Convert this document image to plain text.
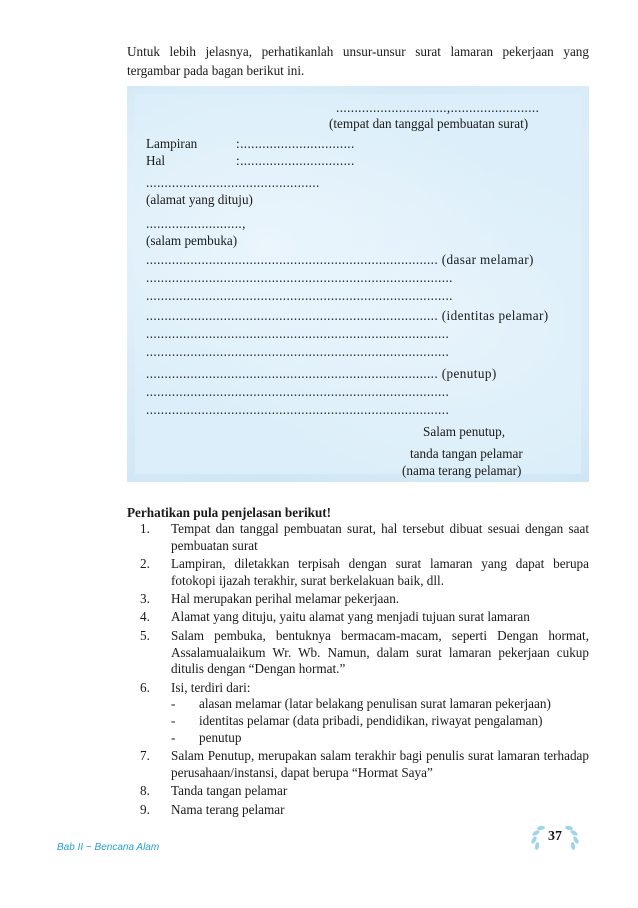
Untuk lebih jelasnya, perhatikanlah unsur-unsur surat lamaran pekerjaan yang tergambar pada bagan berikut ini.
..............................,........................
(tempat dan tanggal pembuatan surat)
Lampiran	:...............................
Hal	:...............................
...............................................
(alamat yang dituju)
..........................,
(salam pembuka)
............................................................................... (dasar melamar)
...................................................................................
...................................................................................
............................................................................... (identitas pelamar)
..................................................................................
..................................................................................
............................................................................... (penutup)
..................................................................................
..................................................................................
Salam penutup,
tanda tangan pelamar
(nama terang pelamar)
Perhatikan pula penjelasan berikut!
1.	Tempat dan tanggal pembuatan surat, hal tersebut dibuat sesuai dengan saat pembuatan surat
2.	Lampiran, diletakkan terpisah dengan surat lamaran yang dapat berupa fotokopi ijazah terakhir, surat berkelakuan baik, dll.
3.	Hal merupakan perihal melamar pekerjaan.
4.	Alamat yang dituju, yaitu alamat yang menjadi tujuan surat lamaran
5.	Salam pembuka, bentuknya bermacam-macam, seperti Dengan hormat, Assalamualaikum Wr. Wb. Namun, dalam surat lamaran pekerjaan cukup ditulis dengan “Dengan hormat.”
6.	Isi, terdiri dari:
-	alasan melamar (latar belakang penulisan surat lamaran pekerjaan)
-	identitas pelamar (data pribadi, pendidikan, riwayat pengalaman)
-	penutup
7.	Salam Penutup, merupakan salam terakhir bagi penulis surat lamaran terhadap perusahaan/instansi, dapat berupa “Hormat Saya”
8.	Tanda tangan pelamar
9.	Nama terang pelamar
Bab II ~ Bencana Alam
37
